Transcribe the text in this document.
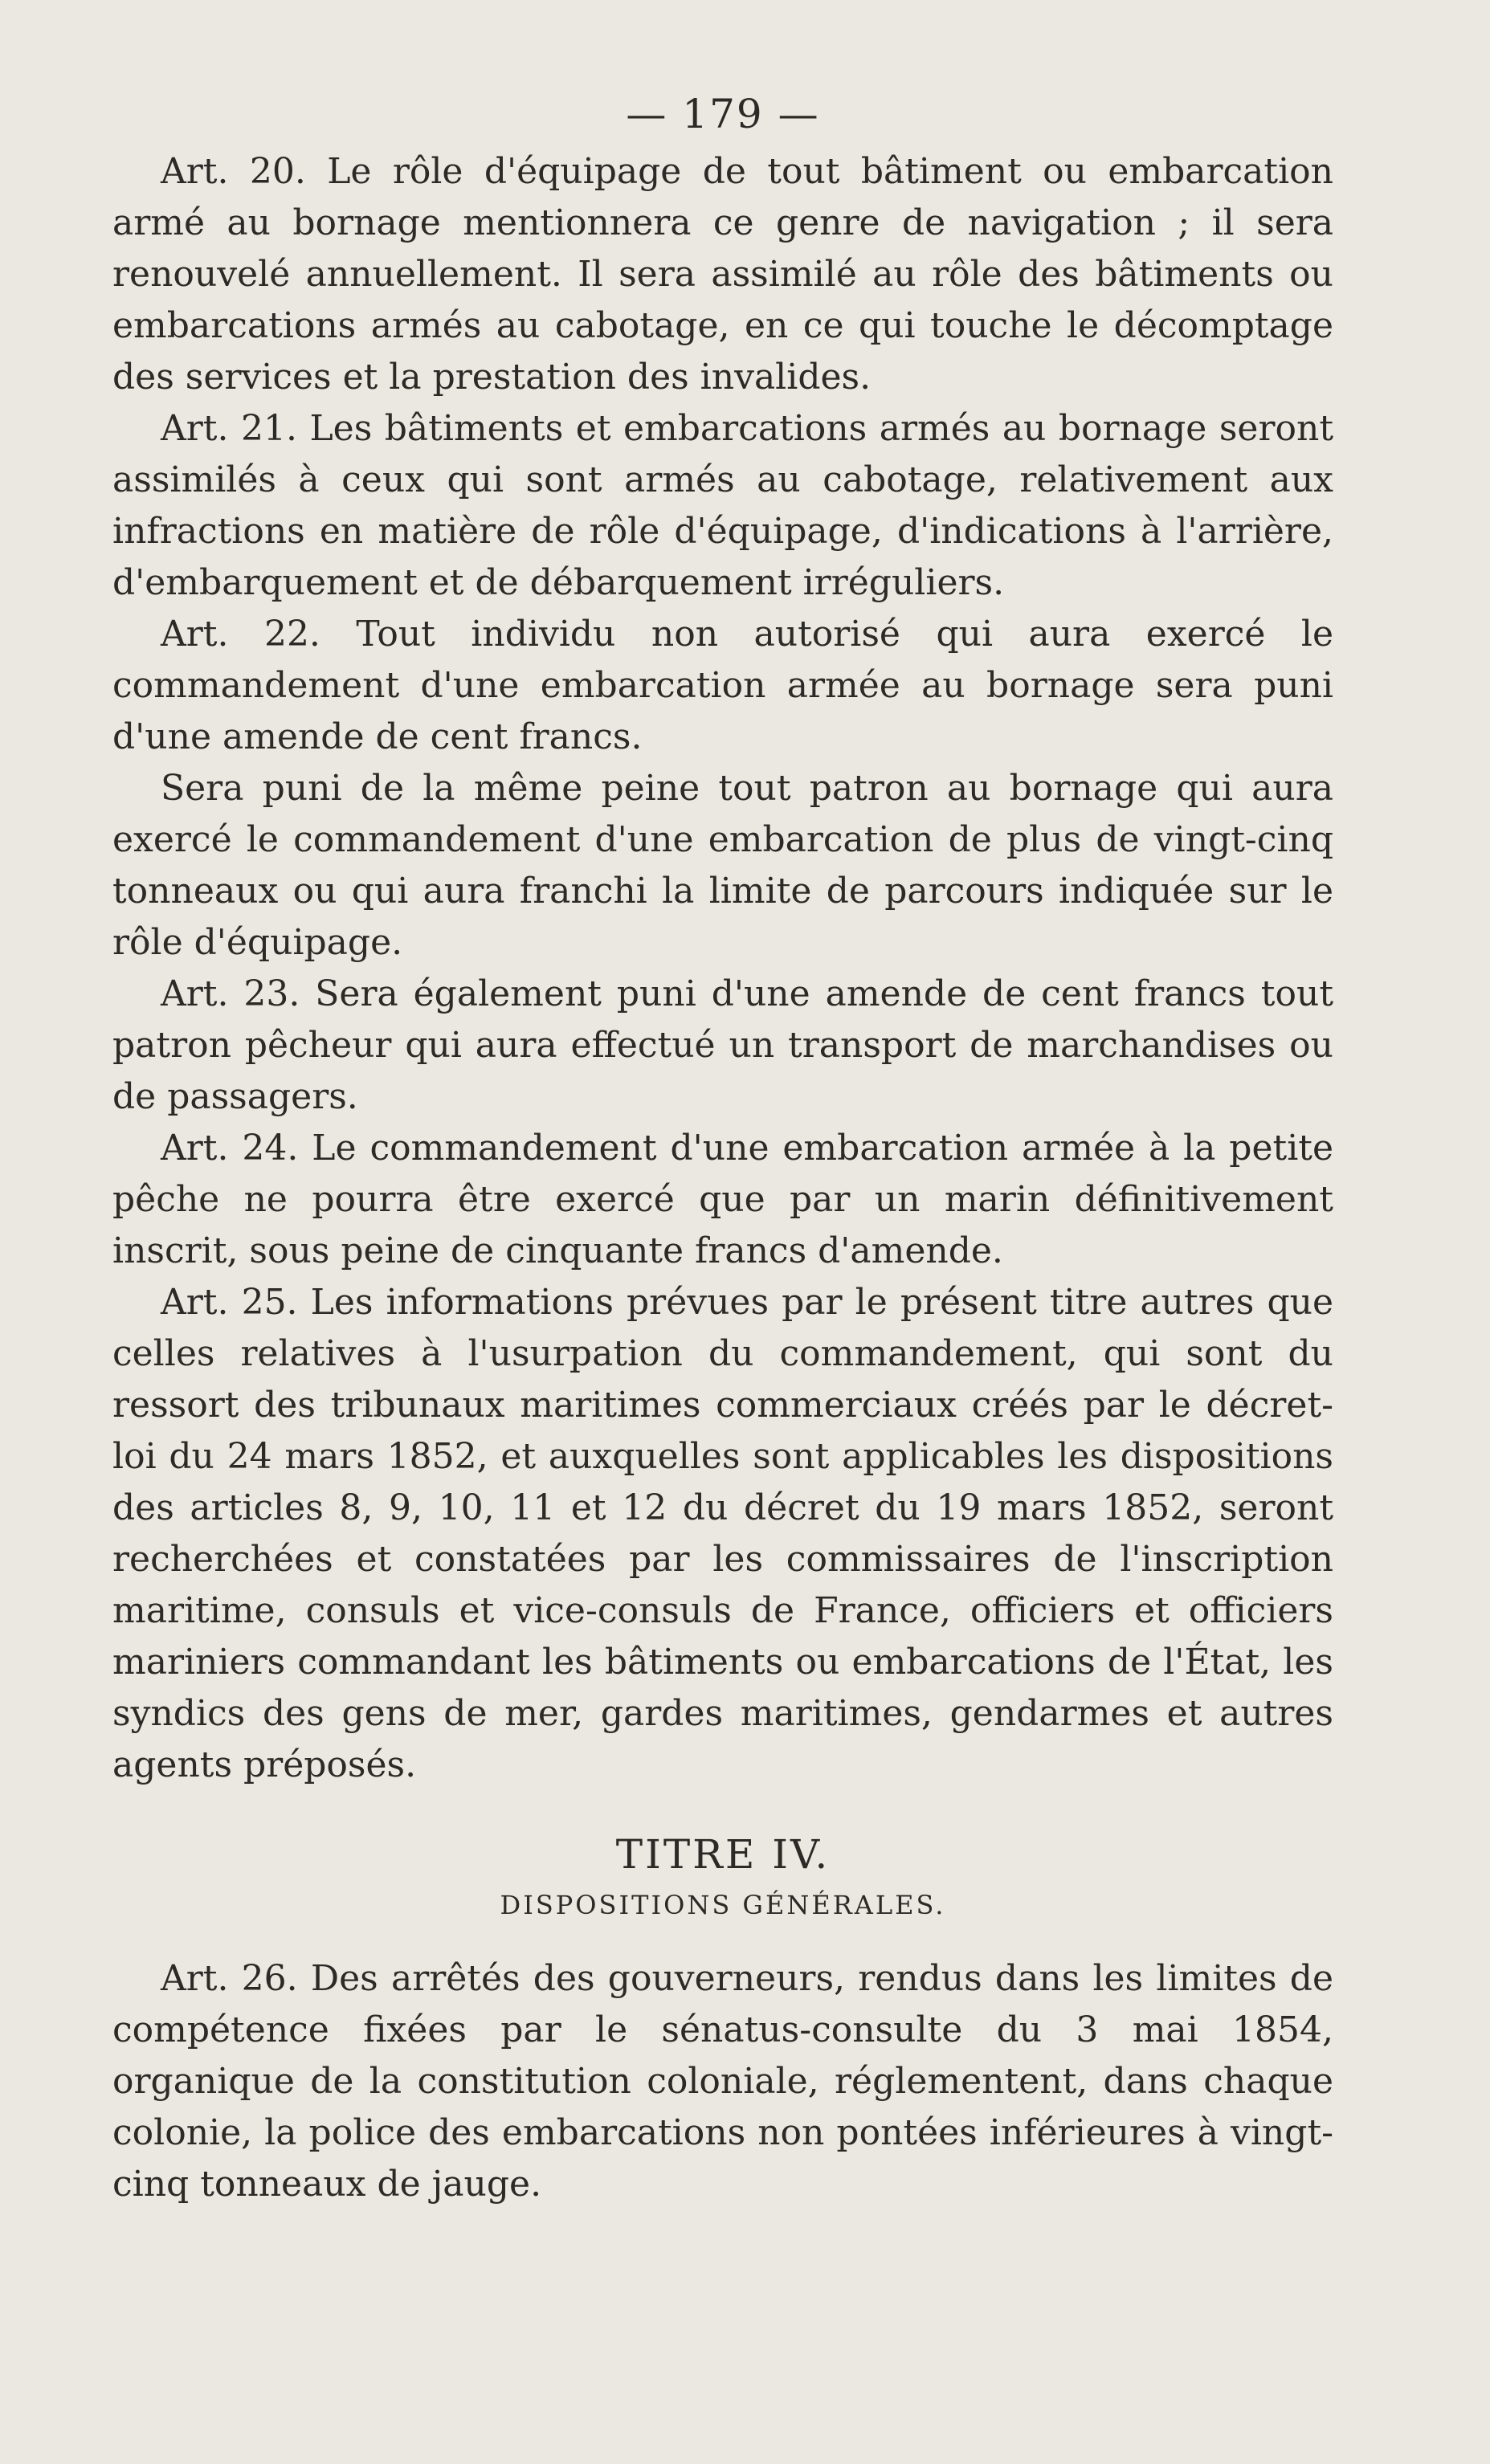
— 179 —

Art. 20. Le rôle d'équipage de tout bâtiment ou embarcation armé au bornage mentionnera ce genre de navigation ; il sera renouvelé annuellement. Il sera assimilé au rôle des bâtiments ou embarcations armés au cabotage, en ce qui touche le décomptage des services et la prestation des invalides.

Art. 21. Les bâtiments et embarcations armés au bornage seront assimilés à ceux qui sont armés au cabotage, relativement aux infractions en matière de rôle d'équipage, d'indications à l'arrière, d'embarquement et de débarquement irréguliers.

Art. 22. Tout individu non autorisé qui aura exercé le commandement d'une embarcation armée au bornage sera puni d'une amende de cent francs.

Sera puni de la même peine tout patron au bornage qui aura exercé le commandement d'une embarcation de plus de vingt-cinq tonneaux ou qui aura franchi la limite de parcours indiquée sur le rôle d'équipage.

Art. 23. Sera également puni d'une amende de cent francs tout patron pêcheur qui aura effectué un transport de marchandises ou de passagers.

Art. 24. Le commandement d'une embarcation armée à la petite pêche ne pourra être exercé que par un marin définitivement inscrit, sous peine de cinquante francs d'amende.

Art. 25. Les informations prévues par le présent titre autres que celles relatives à l'usurpation du commandement, qui sont du ressort des tribunaux maritimes commerciaux créés par le décret-loi du 24 mars 1852, et auxquelles sont applicables les dispositions des articles 8, 9, 10, 11 et 12 du décret du 19 mars 1852, seront recherchées et constatées par les commissaires de l'inscription maritime, consuls et vice-consuls de France, officiers et officiers mariniers commandant les bâtiments ou embarcations de l'État, les syndics des gens de mer, gardes maritimes, gendarmes et autres agents préposés.

TITRE IV.
DISPOSITIONS GÉNÉRALES.

Art. 26. Des arrêtés des gouverneurs, rendus dans les limites de compétence fixées par le sénatus-consulte du 3 mai 1854, organique de la constitution coloniale, réglementent, dans chaque colonie, la police des embarcations non pontées inférieures à vingt-cinq tonneaux de jauge.
